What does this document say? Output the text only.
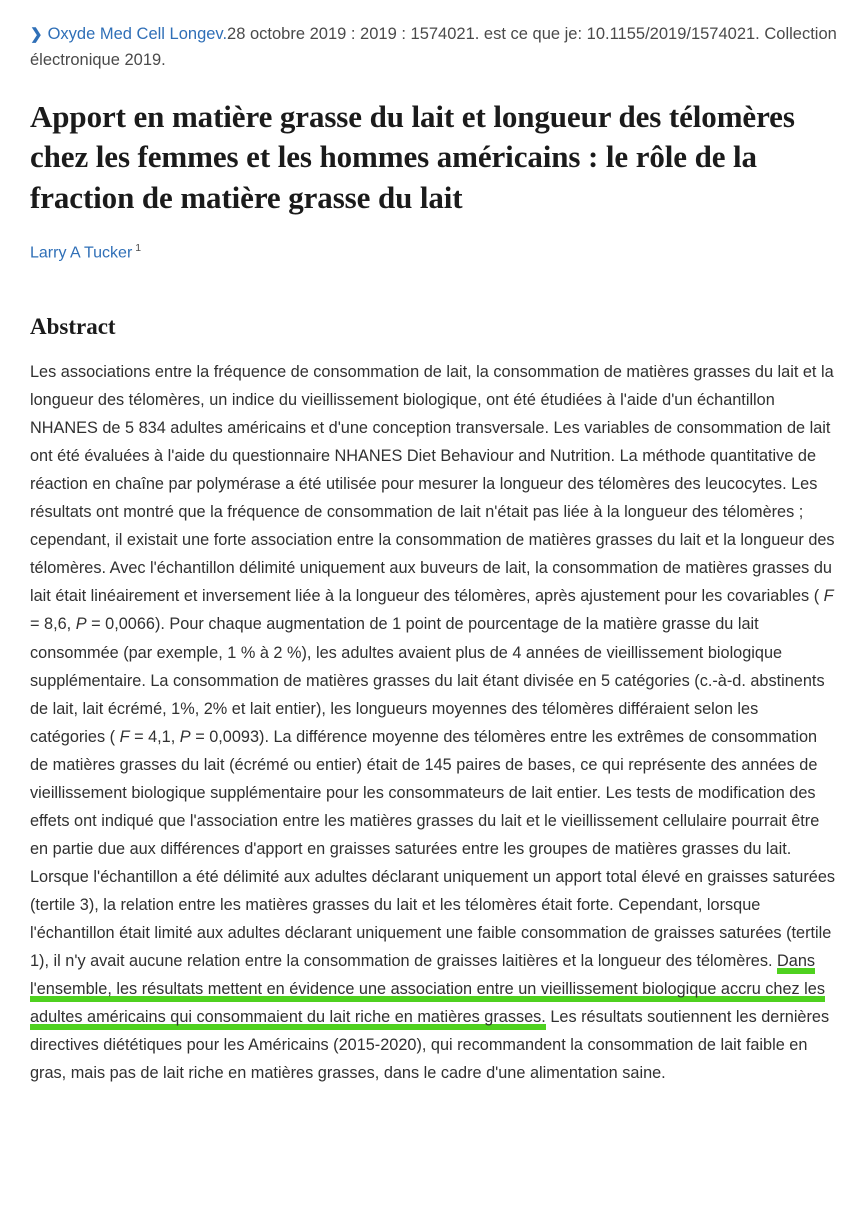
❯ Oxyde Med Cell Longev.28 octobre 2019 : 2019 : 1574021. est ce que je: 10.1155/2019/1574021. Collection électronique 2019.

Apport en matière grasse du lait et longueur des télomères chez les femmes et les hommes américains : le rôle de la fraction de matière grasse du lait
Larry A Tucker $^1$
Abstract
Les associations entre la fréquence de consommation de lait, la consommation de matières grasses du lait et la longueur des télomères, un indice du vieillissement biologique, ont été étudiées à l'aide d'un échantillon NHANES de 5 834 adultes américains et d'une conception transversale. Les variables de consommation de lait ont été évaluées à l'aide du questionnaire NHANES Diet Behaviour and Nutrition. La méthode quantitative de réaction en chaîne par polymérase a été utilisée pour mesurer la longueur des télomères des leucocytes. Les résultats ont montré que la fréquence de consommation de lait n'était pas liée à la longueur des télomères ; cependant, il existait une forte association entre la consommation de matières grasses du lait et la longueur des télomères. Avec l'échantillon délimité uniquement aux buveurs de lait, la consommation de matières grasses du lait était linéairement et inversement liée à la longueur des télomères, après ajustement pour les covariables ( F = 8,6, P = 0,0066). Pour chaque augmentation de 1 point de pourcentage de la matière grasse du lait consommée (par exemple, 1 % à 2 %), les adultes avaient plus de 4 années de vieillissement biologique supplémentaire. La consommation de matières grasses du lait étant divisée en 5 catégories (c.-à-d. abstinents de lait, lait écrémé, 1%, 2% et lait entier), les longueurs moyennes des télomères différaient selon les catégories ( F = 4,1, P = 0,0093). La différence moyenne des télomères entre les extrêmes de consommation de matières grasses du lait (écrémé ou entier) était de 145 paires de bases, ce qui représente des années de vieillissement biologique supplémentaire pour les consommateurs de lait entier. Les tests de modification des effets ont indiqué que l'association entre les matières grasses du lait et le vieillissement cellulaire pourrait être en partie due aux différences d'apport en graisses saturées entre les groupes de matières grasses du lait. Lorsque l'échantillon a été délimité aux adultes déclarant uniquement un apport total élevé en graisses saturées (tertile 3), la relation entre les matières grasses du lait et les télomères était forte. Cependant, lorsque l'échantillon était limité aux adultes déclarant uniquement une faible consommation de graisses saturées (tertile 1), il n'y avait aucune relation entre la consommation de graisses laitières et la longueur des télomères. Dans l'ensemble, les résultats mettent en évidence une association entre un vieillissement biologique accru chez les adultes américains qui consommaient du lait riche en matières grasses. Les résultats soutiennent les dernières directives diététiques pour les Américains (2015-2020), qui recommandent la consommation de lait faible en gras, mais pas de lait riche en matières grasses, dans le cadre d'une alimentation saine.
